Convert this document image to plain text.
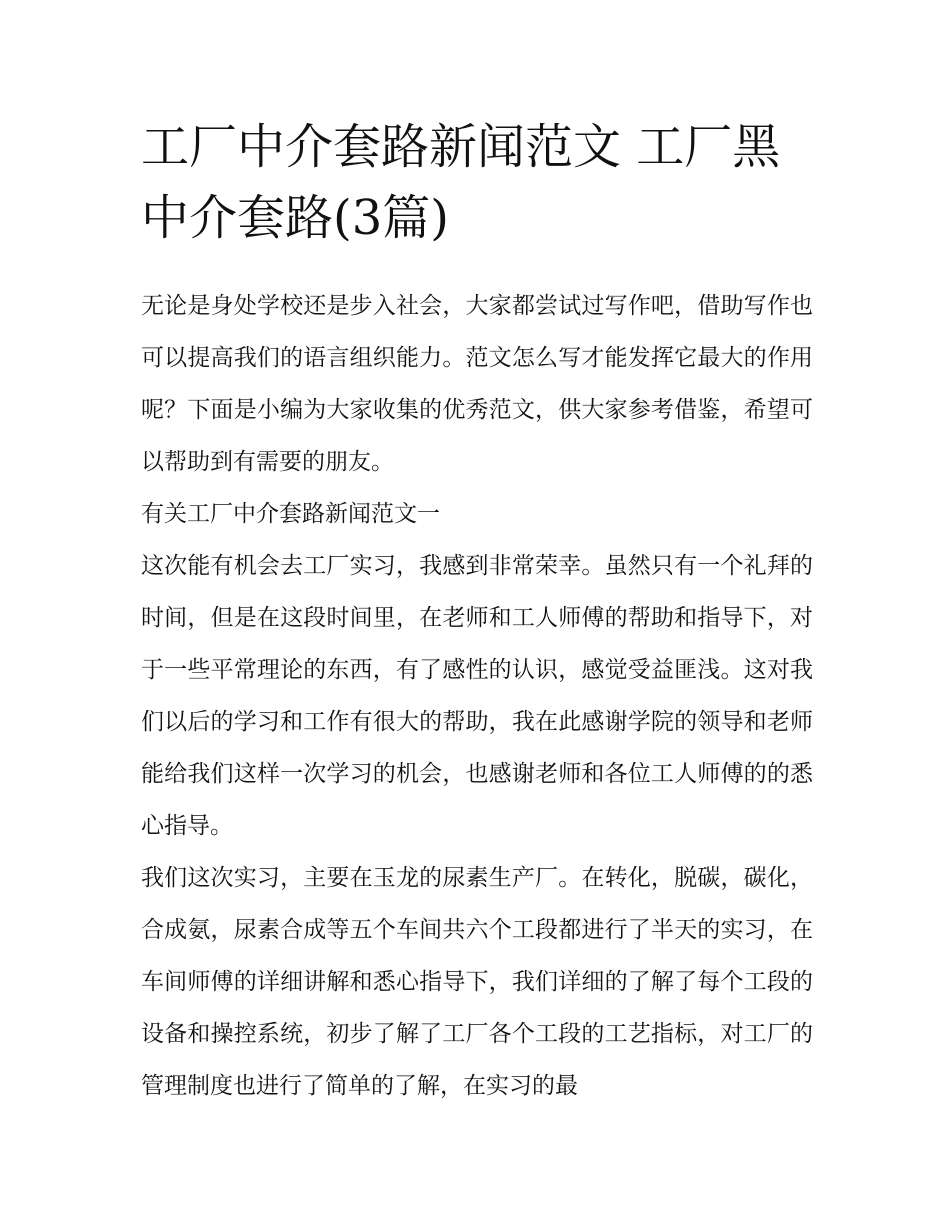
工厂中介套路新闻范文 工厂黑中介套路(3篇)

无论是身处学校还是步入社会，大家都尝试过写作吧，借助写作也可以提高我们的语言组织能力。范文怎么写才能发挥它最大的作用呢？下面是小编为大家收集的优秀范文，供大家参考借鉴，希望可以帮助到有需要的朋友。

有关工厂中介套路新闻范文一

这次能有机会去工厂实习，我感到非常荣幸。虽然只有一个礼拜的时间，但是在这段时间里，在老师和工人师傅的帮助和指导下，对于一些平常理论的东西，有了感性的认识，感觉受益匪浅。这对我们以后的学习和工作有很大的帮助，我在此感谢学院的领导和老师能给我们这样一次学习的机会，也感谢老师和各位工人师傅的的悉心指导。

我们这次实习，主要在玉龙的尿素生产厂。在转化，脱碳，碳化，合成氨，尿素合成等五个车间共六个工段都进行了半天的实习，在车间师傅的详细讲解和悉心指导下，我们详细的了解了每个工段的设备和操控系统，初步了解了工厂各个工段的工艺指标，对工厂的管理制度也进行了简单的了解，在实习的最
